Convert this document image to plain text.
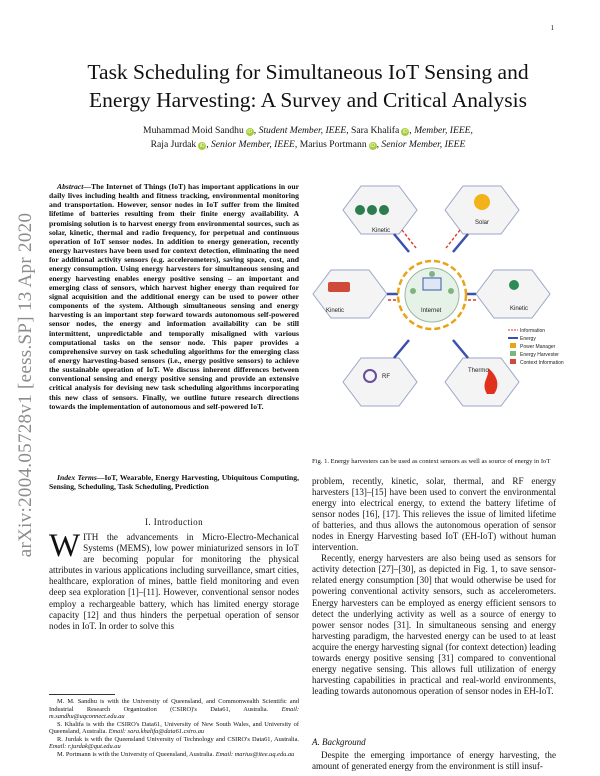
1
arXiv:2004.05728v1 [eess.SP] 13 Apr 2020
Task Scheduling for Simultaneous IoT Sensing and
Energy Harvesting: A Survey and Critical Analysis
Muhammad Moid Sandhu iD , Student Member, IEEE, Sara Khalifa iD , Member, IEEE,
Raja Jurdak iD , Senior Member, IEEE, Marius Portmann iD , Senior Member, IEEE

Abstract—The Internet of Things (IoT) has important applications in our daily lives including health and fitness tracking, environmental monitoring and transportation. However, sensor nodes in IoT suffer from the limited lifetime of batteries resulting from their finite energy availability. A promising solution is to harvest energy from environmental sources, such as solar, kinetic, thermal and radio frequency, for perpetual and continuous operation of IoT sensor nodes. In addition to energy generation, recently energy harvesters have been used for context detection, eliminating the need for additional activity sensors (e.g. accelerometers), saving space, cost, and energy consumption. Using energy harvesters for simultaneous sensing and energy harvesting enables energy positive sensing – an important and emerging class of sensors, which harvest higher energy than required for signal acquisition and the additional energy can be used to power other components of the system. Although simultaneous sensing and energy harvesting is an important step forward towards autonomous self-powered sensor nodes, the energy and information availability can be still intermittent, unpredictable and temporally misaligned with various computational tasks on the sensor node. This paper provides a comprehensive survey on task scheduling algorithms for the emerging class of energy harvesting-based sensors (i.e., energy positive sensors) to achieve the sustainable operation of IoT. We discuss inherent differences between conventional sensing and energy positive sensing and provide an extensive critical analysis for devising new task scheduling algorithms incorporating this new class of sensors. Finally, we outline future research directions towards the implementation of autonomous and self-powered IoT.

Index Terms—IoT, Wearable, Energy Harvesting, Ubiquitous Computing, Sensing, Scheduling, Task Scheduling, Prediction

I. Introduction

WITH the advancements in Micro-Electro-Mechanical Systems (MEMS), low power miniaturized sensors in IoT are becoming popular for monitoring the physical attributes in various applications including surveillance, smart cities, healthcare, exploration of mines, battle field monitoring and even deep sea exploration [1]–[11]. However, conventional sensor nodes employ a rechargeable battery, which has limited energy storage capacity [12] and thus hinders the perpetual operation of sensor nodes in IoT. In order to solve this

M. M. Sandhu is with the University of Queensland, and Commonwealth Scientific and Industrial Research Organization (CSIRO)'s Data61, Australia. Email: m.sandhu@uqconnect.edu.au

S. Khalifa is with the CSIRO's Data61, University of New South Wales, and University of Queensland, Australia. Email: sara.khalifa@data61.csiro.au

R. Jurdak is with the Queensland University of Technology and CSIRO's Data61, Australia. Email: r.jurdak@qut.edu.au

M. Portmann is with the University of Queensland, Australia. Email: marius@itee.uq.edu.au

Kinetic
Solar
Kinetic	Kinetic
Internet
RF
Thermo
Information
Energy
Power Manager
Energy Harvester
Context Information
Fig. 1. Energy harvesters can be used as context sensors as well as source of energy in IoT

problem, recently, kinetic, solar, thermal, and RF energy harvesters [13]–[15] have been used to convert the environmental energy into electrical energy, to extend the battery lifetime of sensor nodes [16], [17]. This relieves the issue of limited lifetime of batteries, and thus allows the autonomous operation of sensor nodes in Energy Harvesting based IoT (EH-IoT) without human intervention.

Recently, energy harvesters are also being used as sensors for activity detection [27]–[30], as depicted in Fig. 1, to save sensor-related energy consumption [30] that would otherwise be used for powering conventional activity sensors, such as accelerometers. Energy harvesters can be employed as energy efficient sensors to detect the underlying activity as well as a source of energy to power sensor nodes [31]. In simultaneous sensing and energy harvesting paradigm, the harvested energy can be used to at least acquire the energy harvesting signal (for context detection) leading towards energy positive sensing [31] compared to conventional energy negative sensing. This allows full utilization of energy harvesting capabilities in practical and real-world environments, leading towards autonomous operation of sensor nodes in EH-IoT.

A. Background

Despite the emerging importance of energy harvesting, the amount of generated energy from the environment is still insuf-
